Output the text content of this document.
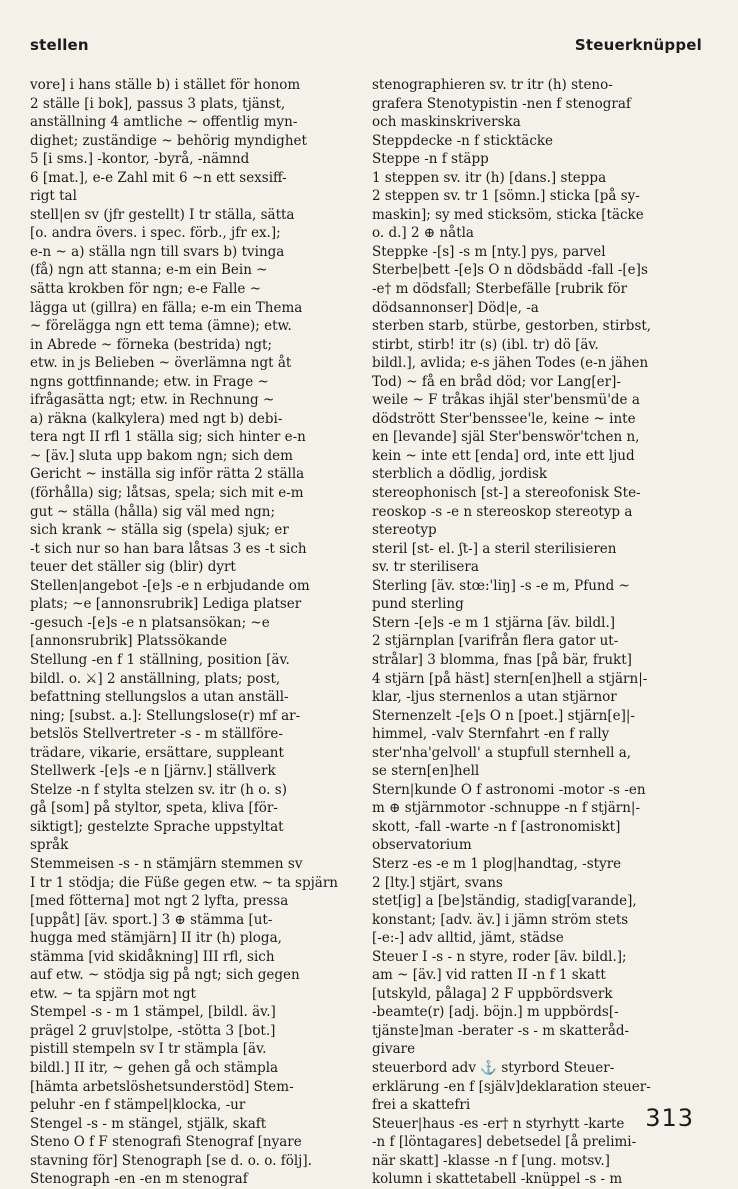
stellen	Steuerknüppel
vore] i hans ställe b) i stället för honom
2 ställe [i bok], passus 3 plats, tjänst,
anställning 4 amtliche ~ offentlig myn-
dighet; zuständige ~ behörig myndighet
5 [i sms.] -kontor, -byrå, -nämnd
6 [mat.], e-e Zahl mit 6 ~n ett sexsiff-
rigt tal
stell|en sv (jfr gestellt) I tr ställa, sätta
[o. andra övers. i spec. förb., jfr ex.];
e-n ~ a) ställa ngn till svars b) tvinga
(få) ngn att stanna; e-m ein Bein ~
sätta krokben för ngn; e-e Falle ~
lägga ut (gillra) en fälla; e-m ein Thema
~ förelägga ngn ett tema (ämne); etw.
in Abrede ~ förneka (bestrida) ngt;
etw. in js Belieben ~ överlämna ngt åt
ngns gottfinnande; etw. in Frage ~
ifrågasätta ngt; etw. in Rechnung ~
a) räkna (kalkylera) med ngt b) debi-
tera ngt II rfl 1 ställa sig; sich hinter e-n
~ [äv.] sluta upp bakom ngn; sich dem
Gericht ~ inställa sig inför rätta 2 ställa
(förhålla) sig; låtsas, spela; sich mit e-m
gut ~ ställa (hålla) sig väl med ngn;
sich krank ~ ställa sig (spela) sjuk; er
-t sich nur so han bara låtsas 3 es -t sich
teuer det ställer sig (blir) dyrt
Stellen|angebot -[e]s -e n erbjudande om
plats; ~e [annonsrubrik] Lediga platser
-gesuch -[e]s -e n platsansökan; ~e
[annonsrubrik] Platssökande
Stellung -en f 1 ställning, position [äv.
bildl. o. ⚔] 2 anställning, plats; post,
befattning stellungslos a utan anställ-
ning; [subst. a.]: Stellungslose(r) mf ar-
betslös Stellvertreter -s - m ställföre-
trädare, vikarie, ersättare, suppleant
Stellwerk -[e]s -e n [järnv.] ställverk
Stelze -n f stylta stelzen sv. itr (h o. s)
gå [som] på styltor, speta, kliva [för-
siktigt]; gestelzte Sprache uppstyltat
språk
Stemmeisen -s - n stämjärn stemmen sv
I tr 1 stödja; die Füße gegen etw. ~ ta spjärn
[med fötterna] mot ngt 2 lyfta, pressa
[uppåt] [äv. sport.] 3 ⊕ stämma [ut-
hugga med stämjärn] II itr (h) ploga,
stämma [vid skidåkning] III rfl, sich
auf etw. ~ stödja sig på ngt; sich gegen
etw. ~ ta spjärn mot ngt
Stempel -s - m 1 stämpel, [bildl. äv.]
prägel 2 gruv|stolpe, -stötta 3 [bot.]
pistill stempeln sv I tr stämpla [äv.
bildl.] II itr, ~ gehen gå och stämpla
[hämta arbetslöshetsunderstöd] Stem-
peluhr -en f stämpel|klocka, -ur
Stengel -s - m stängel, stjälk, skaft
Steno O f F stenografi Stenograf [nyare
stavning för] Stenograph [se d. o. o. följ].
Stenograph -en -en m stenograf
stenographieren sv. tr itr (h) steno-
grafera Stenotypistin -nen f stenograf
och maskinskriverska
Steppdecke -n f sticktäcke
Steppe -n f stäpp
1 steppen sv. itr (h) [dans.] steppa
2 steppen sv. tr 1 [sömn.] sticka [på sy-
maskin]; sy med sticksöm, sticka [täcke
o. d.] 2 ⊕ nåtla
Steppke -[s] -s m [nty.] pys, parvel
Sterbe|bett -[e]s O n dödsbädd -fall -[e]s
-e† m dödsfall; Sterbefälle [rubrik för
dödsannonser] Död|e, -a
sterben starb, stürbe, gestorben, stirbst,
stirbt, stirb! itr (s) (ibl. tr) dö [äv.
bildl.], avlida; e-s jähen Todes (e-n jähen
Tod) ~ få en bråd död; vor Lang[er]-
weile ~ F tråkas ihjäl ster'bensmü'de a
dödstrött Ster'benssee'le, keine ~ inte
en [levande] själ Ster'benswör'tchen n,
kein ~ inte ett [enda] ord, inte ett ljud
sterblich a dödlig, jordisk
stereophonisch [st-] a stereofonisk Ste-
reoskop -s -e n stereoskop stereotyp a
stereotyp
steril [st- el. ʃt-] a steril sterilisieren
sv. tr sterilisera
Sterling [äv. stœ:'liŋ] -s -e m, Pfund ~
pund sterling
Stern -[e]s -e m 1 stjärna [äv. bildl.]
2 stjärnplan [varifrån flera gator ut-
strålar] 3 blomma, fnas [på bär, frukt]
4 stjärn [på häst] stern[en]hell a stjärn|-
klar, -ljus sternenlos a utan stjärnor
Sternenzelt -[e]s O n [poet.] stjärn[e]|-
himmel, -valv Sternfahrt -en f rally
ster'nha'gelvoll' a stupfull sternhell a,
se stern[en]hell
Stern|kunde O f astronomi -motor -s -en
m ⊕ stjärnmotor -schnuppe -n f stjärn|-
skott, -fall -warte -n f [astronomiskt]
observatorium
Sterz -es -e m 1 plog|handtag, -styre
2 [lty.] stjärt, svans
stet[ig] a [be]ständig, stadig[varande],
konstant; [adv. äv.] i jämn ström stets
[-e:-] adv alltid, jämt, städse
Steuer I -s - n styre, roder [äv. bildl.];
am ~ [äv.] vid ratten II -n f 1 skatt
[utskyld, pålaga] 2 F uppbördsverk
-beamte(r) [adj. böjn.] m uppbörds[-
tjänste]man -berater -s - m skatteråd-
givare
steuerbord adv ⚓ styrbord Steuer-
erklärung -en f [själv]deklaration steuer-
frei a skattefri
Steuer|haus -es -er† n styrhytt -karte
-n f [löntagares] debetsedel [å prelimi-
när skatt] -klasse -n f [ung. motsv.]
kolumn i skattetabell -knüppel -s - m
313
